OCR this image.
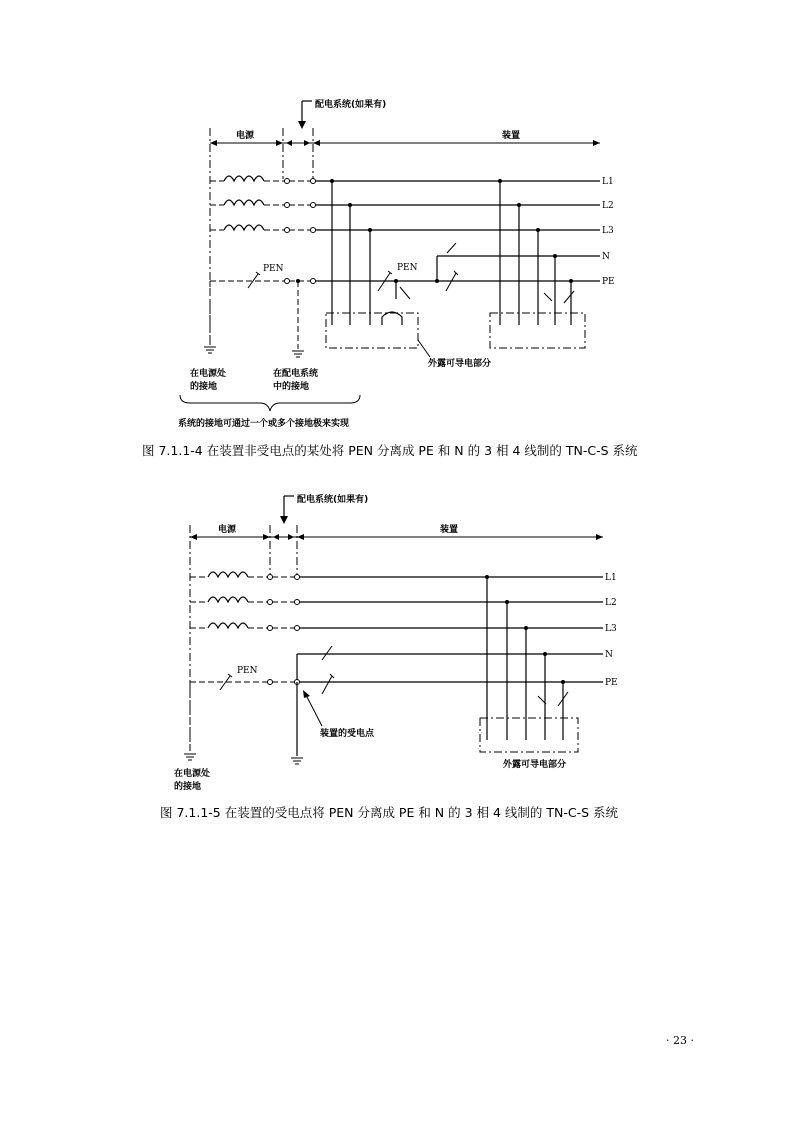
配电系统(如果有)
电源	装置
PEN
L1
L2
L3
N
PE
PEN
外露可导电部分
在电源处
的接地
在配电系统
中的接地
系统的接地可通过一个或多个接地极来实现
图 7.1.1-4 在装置非受电点的某处将 PEN 分离成 PE 和 N 的 3 相 4 线制的 TN-C-S 系统
配电系统(如果有)
电源	装置
PEN
L1
L2
L3
N
PE
装置的受电点
外露可导电部分
在电源处
的接地
图 7.1.1-5 在装置的受电点将 PEN 分离成 PE 和 N 的 3 相 4 线制的 TN-C-S 系统
· 23 ·
